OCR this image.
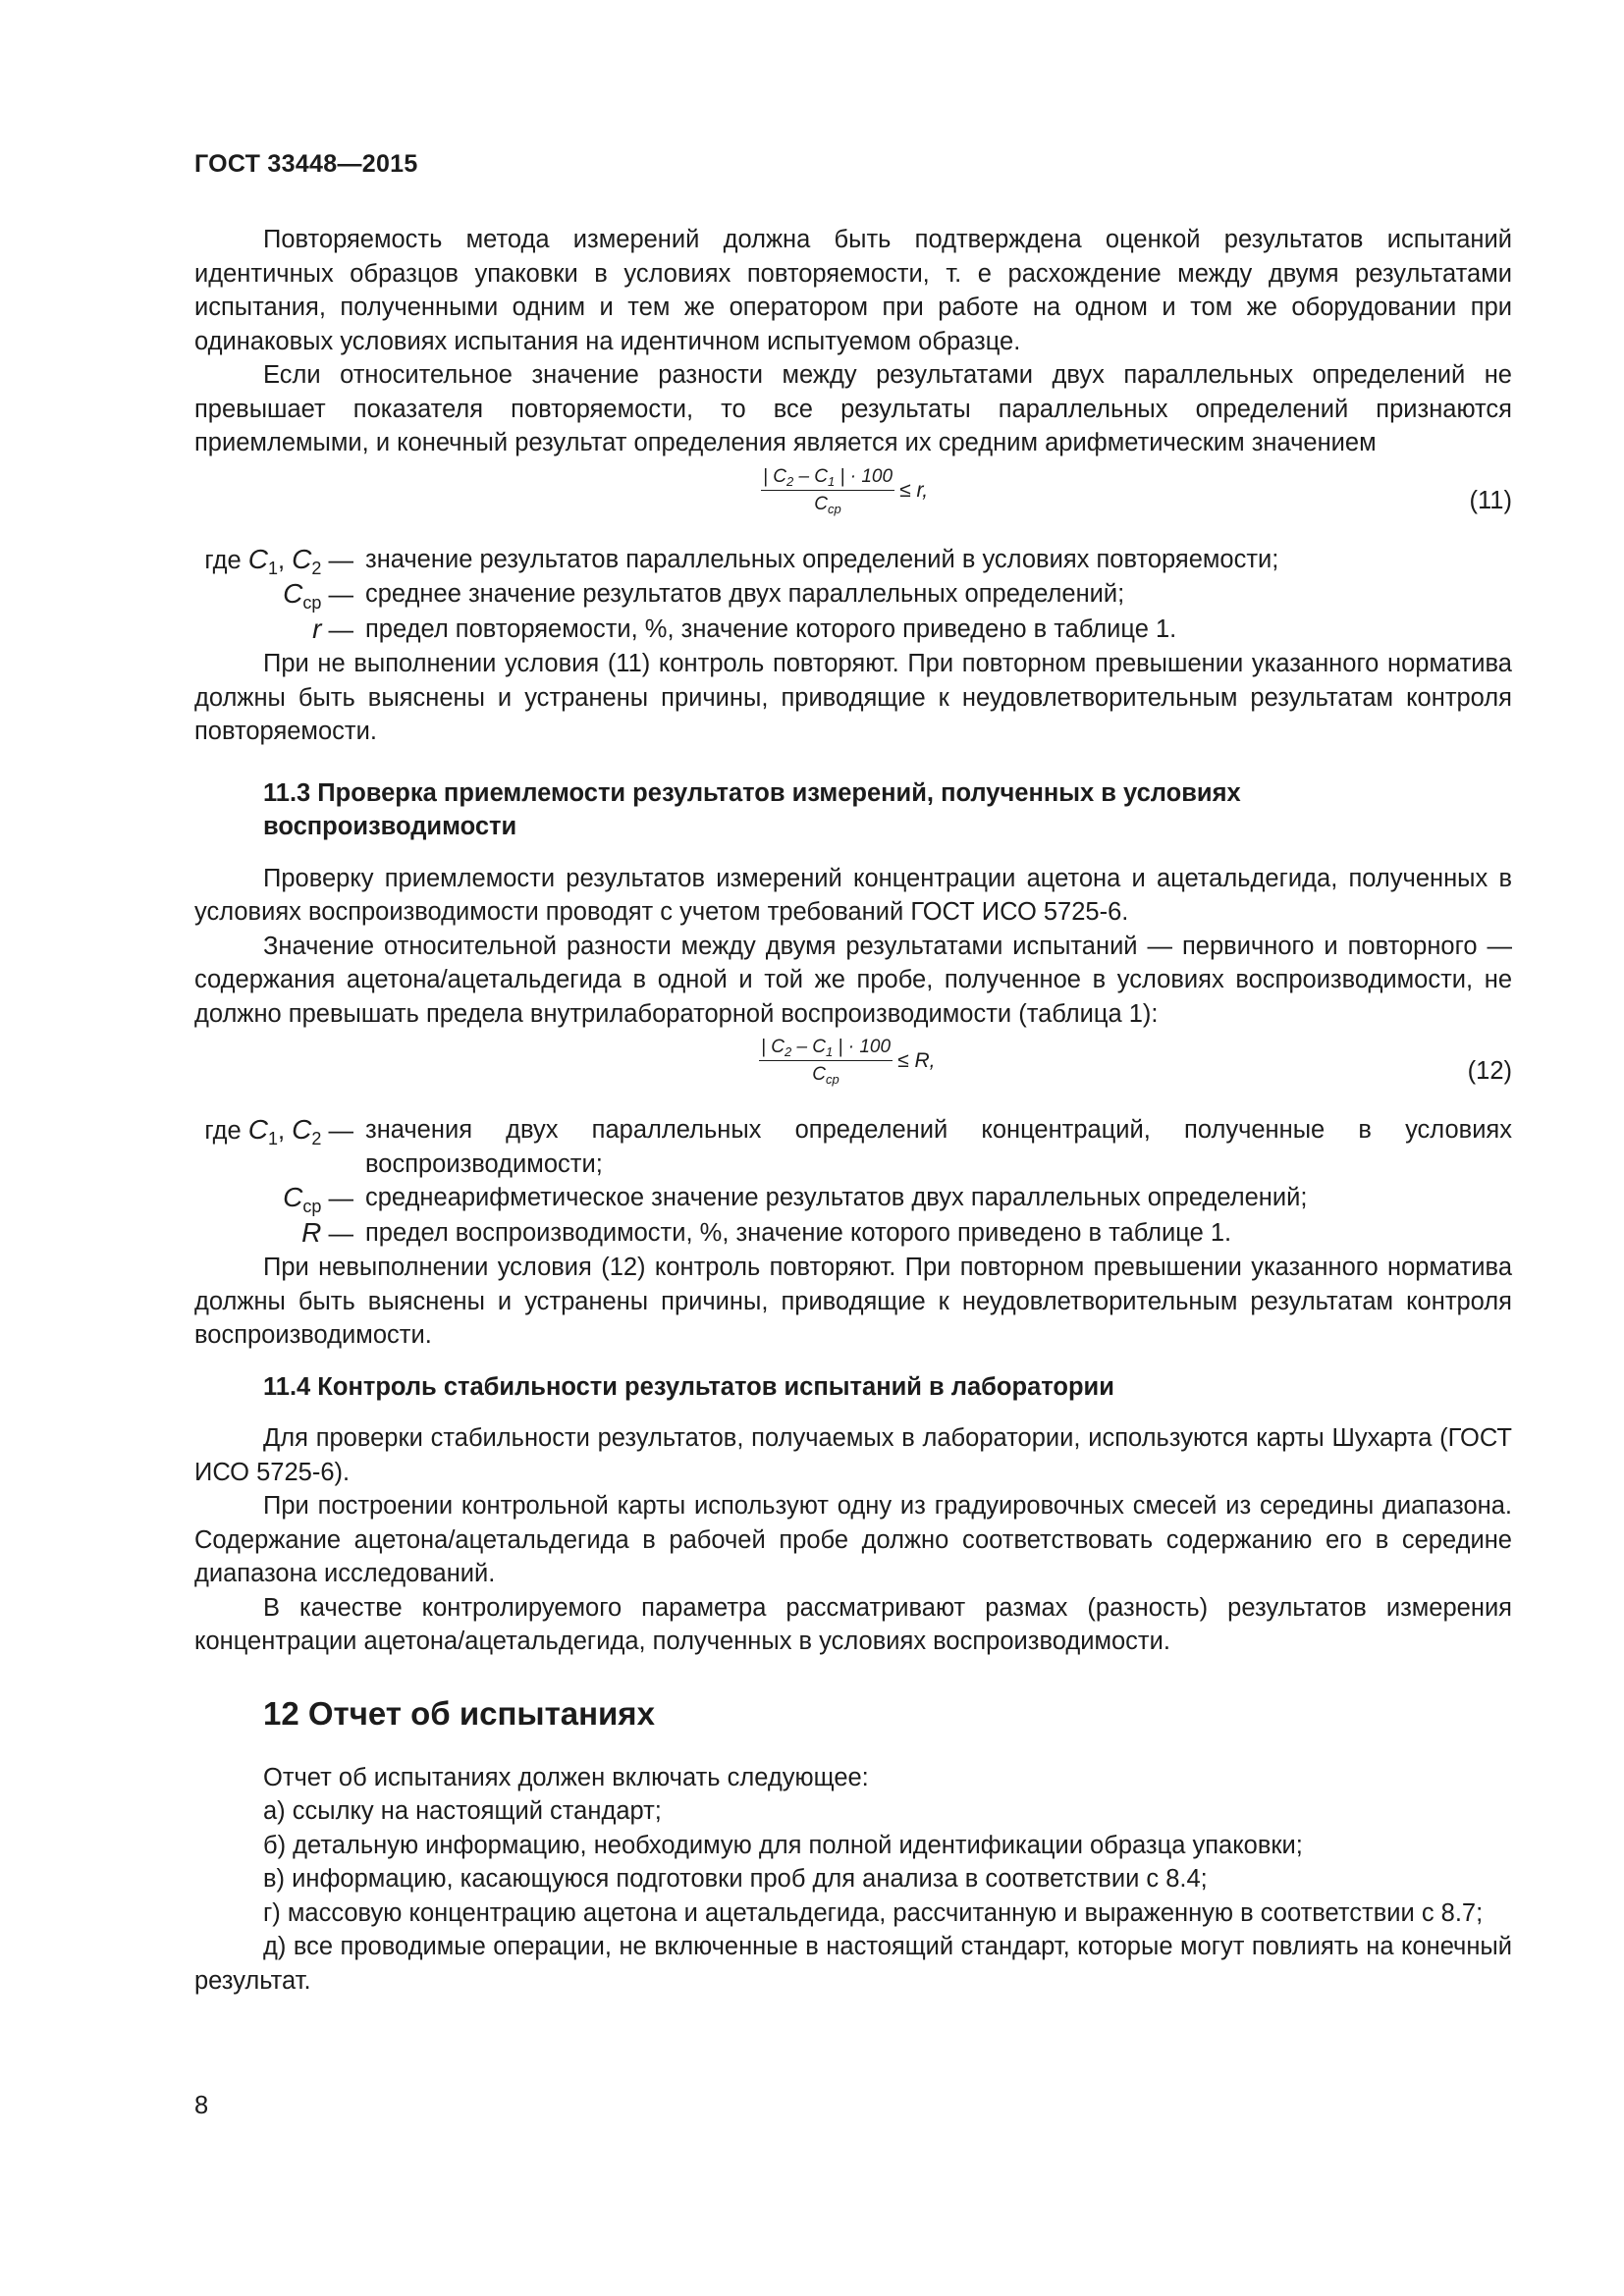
ГОСТ 33448—2015

Повторяемость метода измерений должна быть подтверждена оценкой результатов испытаний идентичных образцов упаковки в условиях повторяемости, т. е расхождение между двумя результатами испытания, полученными одним и тем же оператором при работе на одном и том же оборудовании при одинаковых условиях испытания на идентичном испытуемом образце.

Если относительное значение разности между результатами двух параллельных определений не превышает показателя повторяемости, то все результаты параллельных определений признаются приемлемыми, и конечный результат определения является их средним арифметическим значением

$\frac{| C_2 - C_1 | \cdot 100}{C_{ср}} \le r$,	(11)
где $C_1$, $C_2$ — значение результатов параллельных определений в условиях повторяемости;
$C_{ср}$ — среднее значение результатов двух параллельных определений;
r — предел повторяемости, %, значение которого приведено в таблице 1.

При не выполнении условия (11) контроль повторяют. При повторном превышении указанного норматива должны быть выяснены и устранены причины, приводящие к неудовлетворительным результатам контроля повторяемости.

11.3 Проверка приемлемости результатов измерений, полученных в условиях
воспроизводимости

Проверку приемлемости результатов измерений концентрации ацетона и ацетальдегида, полученных в условиях воспроизводимости проводят с учетом требований ГОСТ ИСО 5725-6.

Значение относительной разности между двумя результатами испытаний — первичного и повторного — содержания ацетона/ацетальдегида в одной и той же пробе, полученное в условиях воспроизводимости, не должно превышать предела внутрилабораторной воспроизводимости (таблица 1):

$\frac{| C_2 - C_1 | \cdot 100}{C_{ср}} \le R$,	(12)
где $C_1$, $C_2$ — значения двух параллельных определений концентраций, полученные в условиях воспроизводимости;
$C_{ср}$ — среднеарифметическое значение результатов двух параллельных определений;
R — предел воспроизводимости, %, значение которого приведено в таблице 1.

При невыполнении условия (12) контроль повторяют. При повторном превышении указанного норматива должны быть выяснены и устранены причины, приводящие к неудовлетворительным результатам контроля воспроизводимости.

11.4 Контроль стабильности результатов испытаний в лаборатории

Для проверки стабильности результатов, получаемых в лаборатории, используются карты Шухарта (ГОСТ ИСО 5725-6).

При построении контрольной карты используют одну из градуировочных смесей из середины диапазона. Содержание ацетона/ацетальдегида в рабочей пробе должно соответствовать содержанию его в середине диапазона исследований.

В качестве контролируемого параметра рассматривают размах (разность) результатов измерения концентрации ацетона/ацетальдегида, полученных в условиях воспроизводимости.

12 Отчет об испытаниях

Отчет об испытаниях должен включать следующее:

а) ссылку на настоящий стандарт;

б) детальную информацию, необходимую для полной идентификации образца упаковки;

в) информацию, касающуюся подготовки проб для анализа в соответствии с 8.4;

г) массовую концентрацию ацетона и ацетальдегида, рассчитанную и выраженную в соответствии с 8.7;

д) все проводимые операции, не включенные в настоящий стандарт, которые могут повлиять на конечный результат.

8
